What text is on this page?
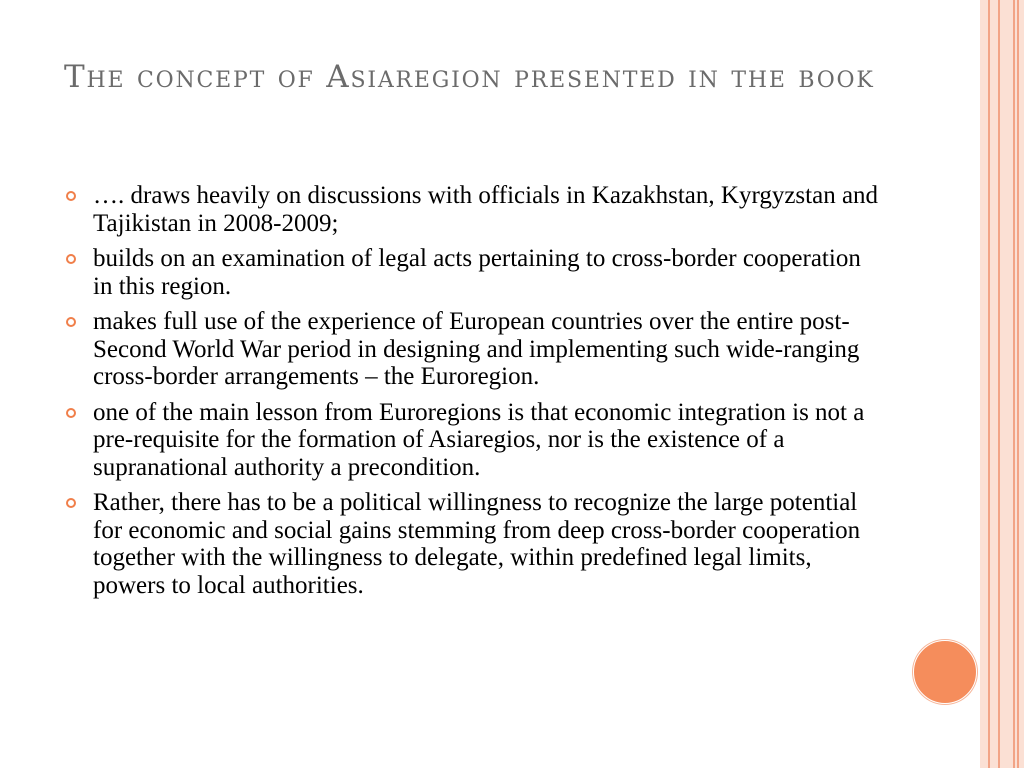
The concept of Asiaregion presented in the book
…. draws heavily on discussions with officials in Kazakhstan, Kyrgyzstan and Tajikistan in 2008-2009;
builds on an examination of legal acts pertaining to cross-border cooperation in this region.
makes full use of the experience of European countries over the entire post-Second World War period in designing and implementing such wide-ranging cross-border arrangements – the Euroregion.
one of the main lesson from Euroregions is that economic integration is not a pre-requisite for the formation of Asiaregios, nor is the existence of a supranational authority a precondition.
Rather, there has to be a political willingness to recognize the large potential for economic and social gains stemming from deep cross-border cooperation together with the willingness to delegate, within predefined legal limits, powers to local authorities.
